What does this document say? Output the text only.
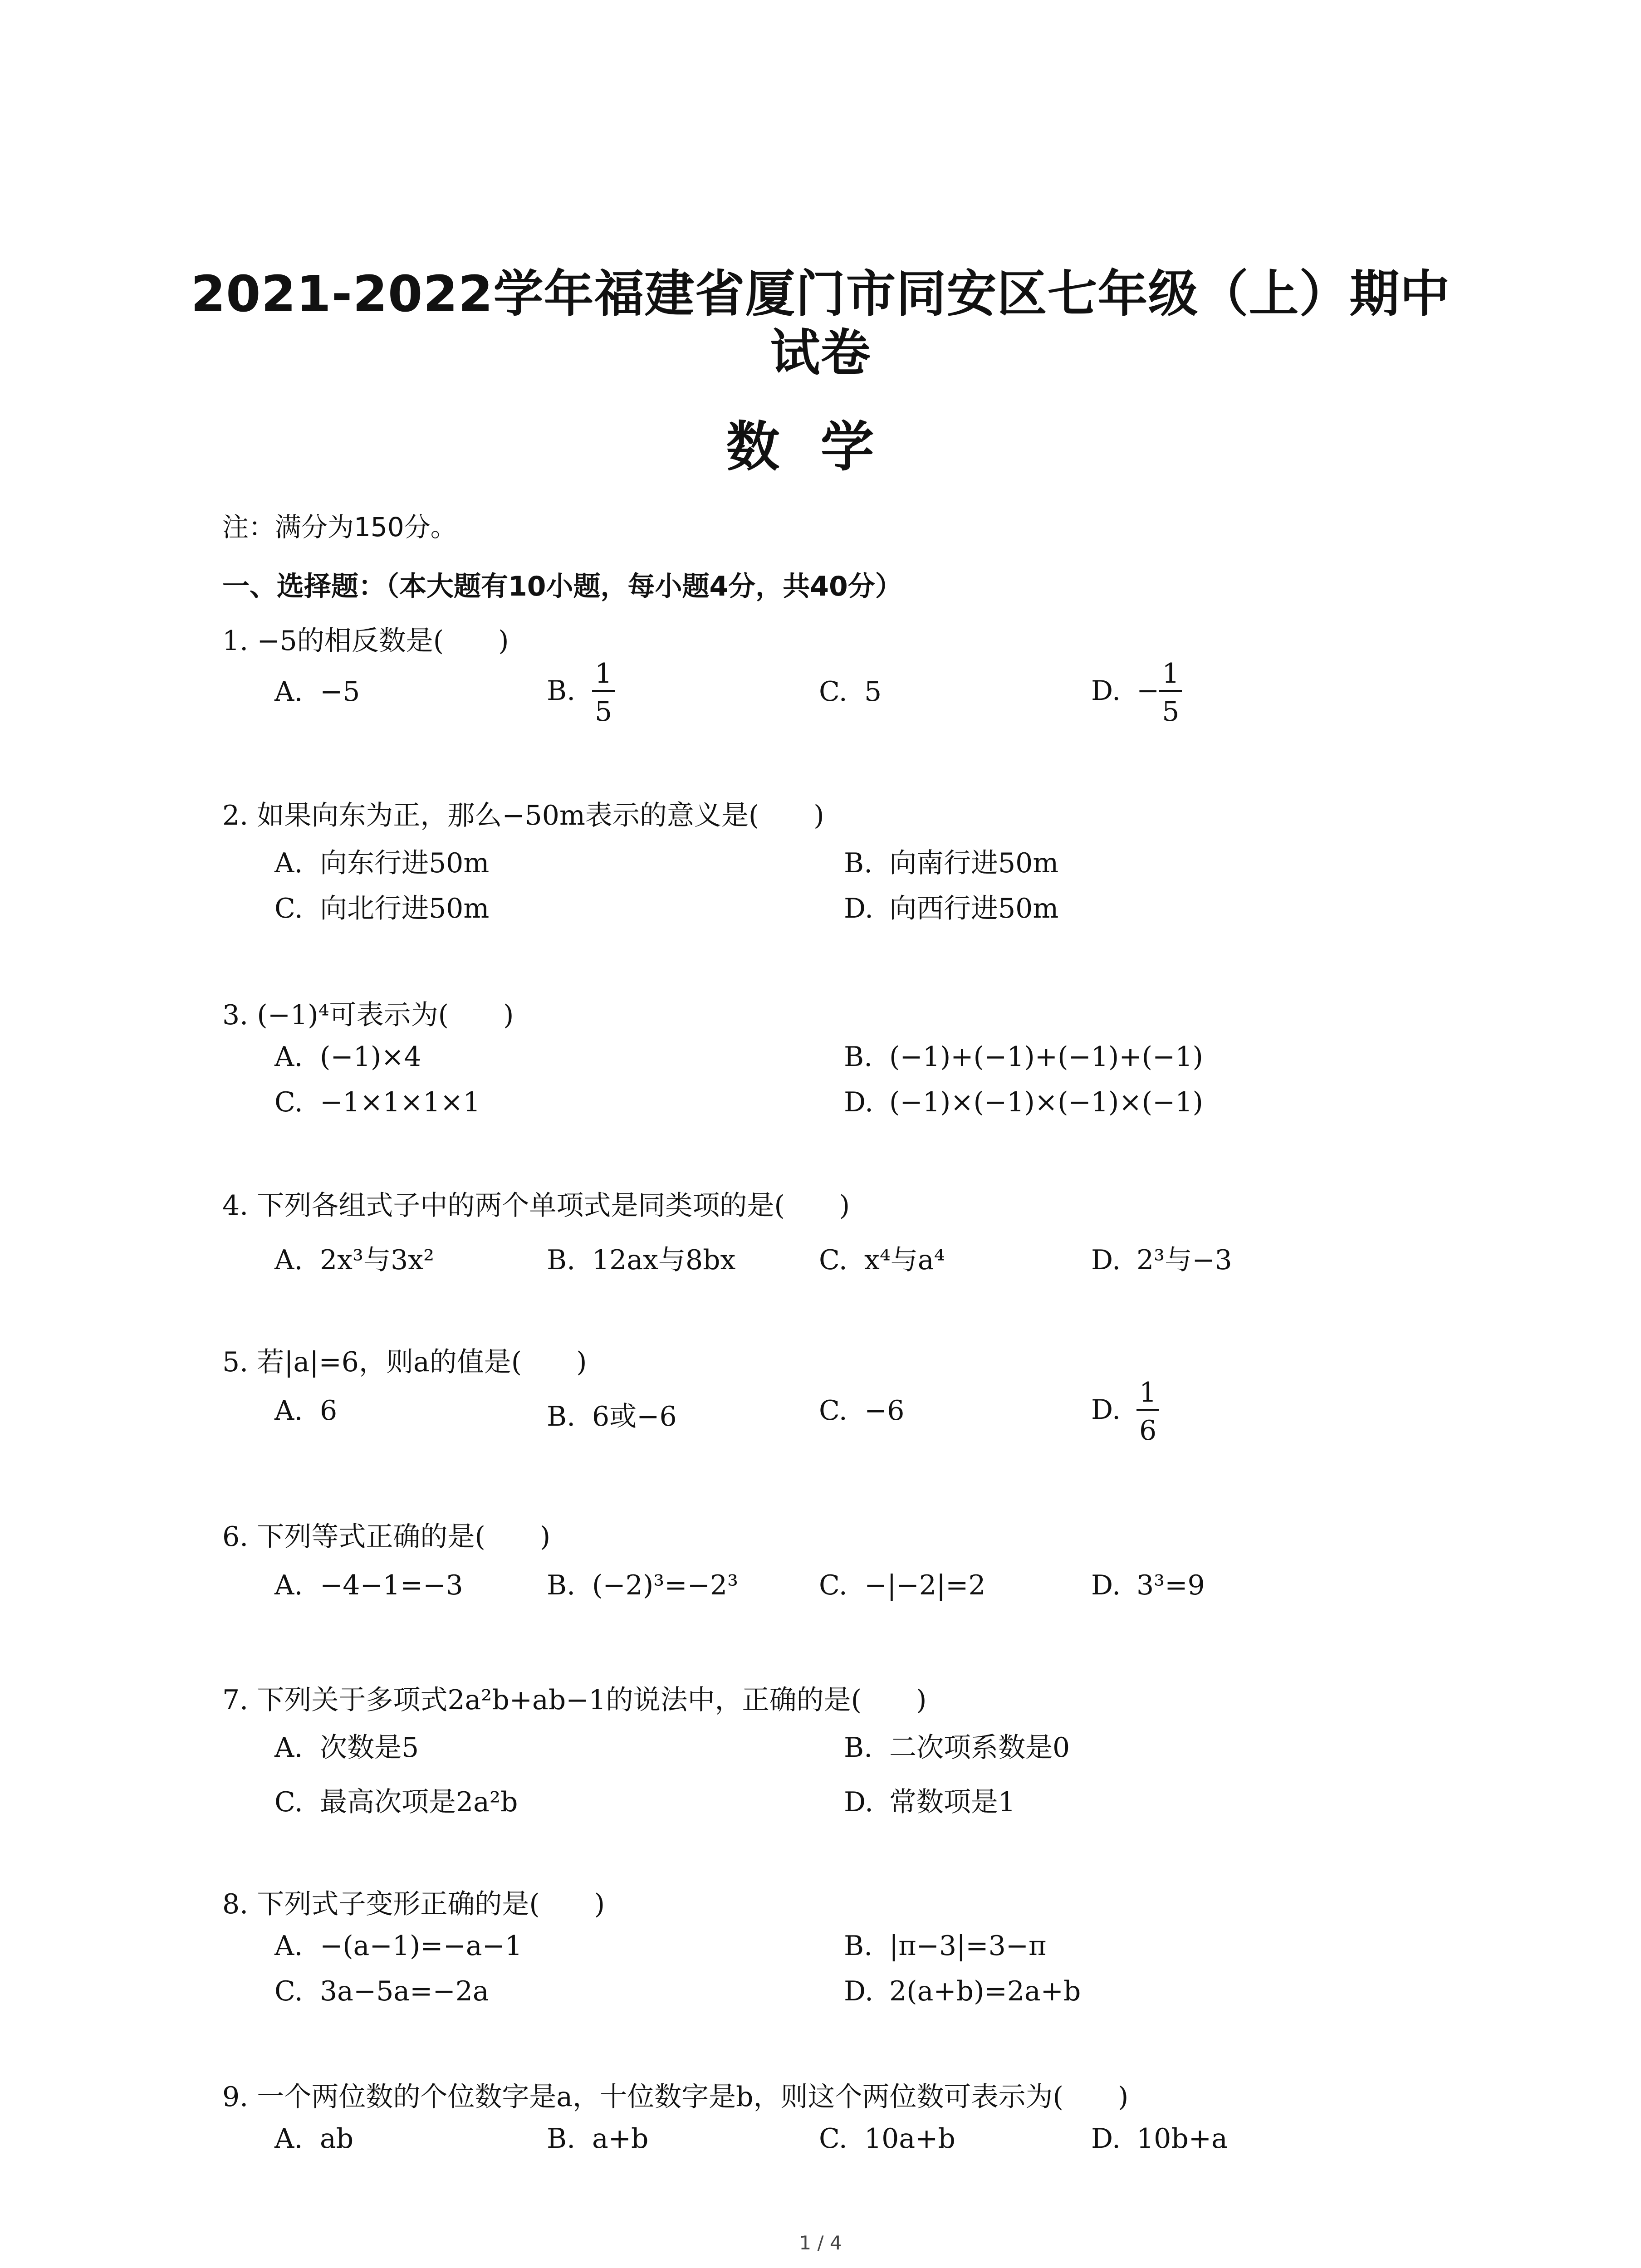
2021-2022学年福建省厦门市同安区七年级（上）期中
试卷
数学
注：满分为150分。
一、选择题：（本大题有10小题，每小题4分，共40分）
1. −5的相反数是(　　)
A. −5	B. $\frac{1}{5}$	C. 5	D. − $\frac{1}{5}$
2. 如果向东为正，那么−50m表示的意义是(　　)
A. 向东行进50m	B. 向南行进50m
C. 向北行进50m	D. 向西行进50m
3. (−1)⁴可表示为(　　)
A. (−1)×4	B. (−1)+(−1)+(−1)+(−1)
C. −1×1×1×1	D. (−1)×(−1)×(−1)×(−1)
4. 下列各组式子中的两个单项式是同类项的是(　　)
A. 2x³与3x²	B. 12ax与8bx	C. x⁴与a⁴	D. 2³与−3
5. 若|a|=6，则a的值是(　　)
A. 6	B. 6或−6	C. −6	D. $\frac{1}{6}$
6. 下列等式正确的是(　　)
A. −4−1=−3	B. (−2)³=−2³	C. −|−2|=2	D. 3³=9
7. 下列关于多项式2a²b+ab−1的说法中，正确的是(　　)
A. 次数是5	B. 二次项系数是0
C. 最高次项是2a²b	D. 常数项是1
8. 下列式子变形正确的是(　　)
A. −(a−1)=−a−1	B. |π−3|=3−π
C. 3a−5a=−2a	D. 2(a+b)=2a+b
9. 一个两位数的个位数字是a，十位数字是b，则这个两位数可表示为(　　)
A. ab	B. a+b	C. 10a+b	D. 10b+a
1 / 4
